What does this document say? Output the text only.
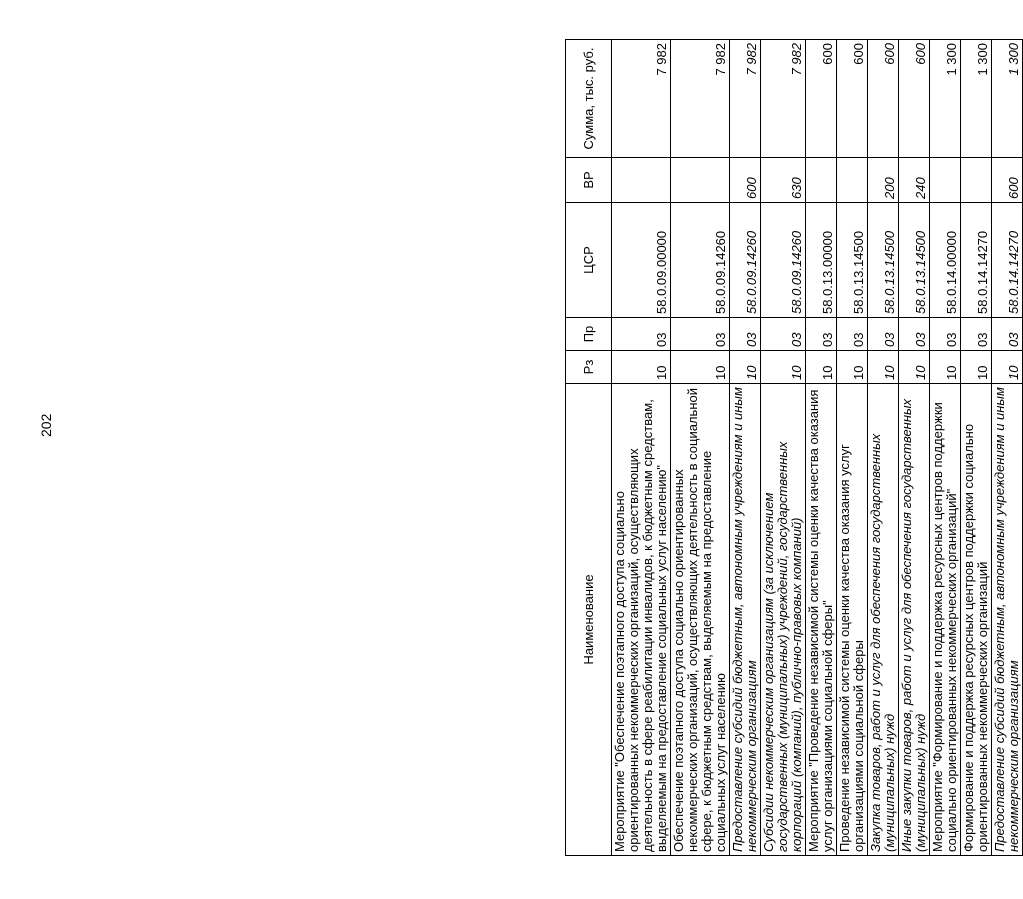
202
Наименование	Рз	Пр	ЦСР	ВР	Сумма, тыс. руб.
Мероприятие "Обеспечение поэтапного доступа социально ориентированных некоммерческих организаций, осуществляющих деятельность в сфере реабилитации инвалидов, к бюджетным средствам, выделяемым на предоставление социальных услуг населению"	10	03	58.0.09.00000		7 982
Обеспечение поэтапного доступа социально ориентированных некоммерческих организаций, осуществляющих деятельность в социальной сфере, к бюджетным средствам, выделяемым на предоставление социальных услуг населению	10	03	58.0.09.14260		7 982
Предоставление субсидий бюджетным, автономным учреждениям и иным некоммерческим организациям	10	03	58.0.09.14260	600	7 982
Субсидии некоммерческим организациям (за исключением государственных (муниципальных) учреждений, государственных корпораций (компаний), публично-правовых компаний)	10	03	58.0.09.14260	630	7 982
Мероприятие "Проведение независимой системы оценки качества оказания услуг организациями социальной сферы"	10	03	58.0.13.00000		600
Проведение независимой системы оценки качества оказания услуг организациями социальной сферы	10	03	58.0.13.14500		600
Закупка товаров, работ и услуг для обеспечения государственных (муниципальных) нужд	10	03	58.0.13.14500	200	600
Иные закупки товаров, работ и услуг для обеспечения государственных (муниципальных) нужд	10	03	58.0.13.14500	240	600
Мероприятие "Формирование и поддержка ресурсных центров поддержки социально ориентированных некоммерческих организаций"	10	03	58.0.14.00000		1 300
Формирование и поддержка ресурсных центров поддержки социально ориентированных некоммерческих организаций	10	03	58.0.14.14270		1 300
Предоставление субсидий бюджетным, автономным учреждениям и иным некоммерческим организациям	10	03	58.0.14.14270	600	1 300
